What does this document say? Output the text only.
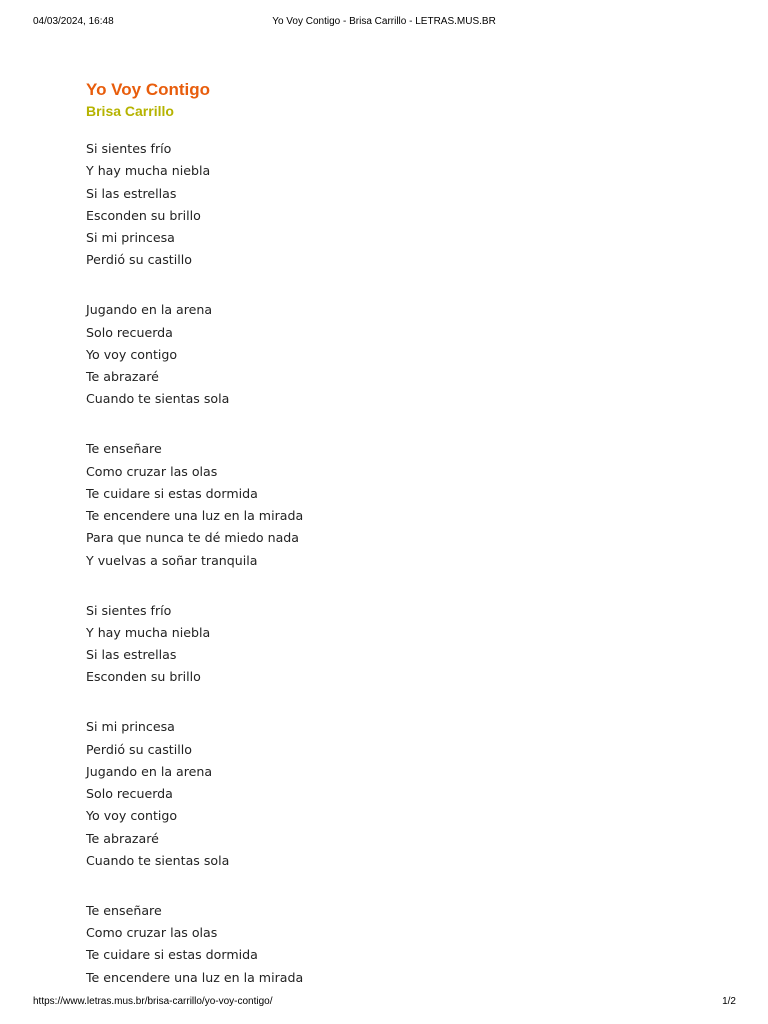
04/03/2024, 16:48	Yo Voy Contigo - Brisa Carrillo - LETRAS.MUS.BR
Yo Voy Contigo
Brisa Carrillo

Si sientes frío
Y hay mucha niebla
Si las estrellas
Esconden su brillo
Si mi princesa
Perdió su castillo

Jugando en la arena
Solo recuerda
Yo voy contigo
Te abrazaré
Cuando te sientas sola

Te enseñare
Como cruzar las olas
Te cuidare si estas dormida
Te encendere una luz en la mirada
Para que nunca te dé miedo nada
Y vuelvas a soñar tranquila

Si sientes frío
Y hay mucha niebla
Si las estrellas
Esconden su brillo

Si mi princesa
Perdió su castillo
Jugando en la arena
Solo recuerda
Yo voy contigo
Te abrazaré
Cuando te sientas sola

Te enseñare
Como cruzar las olas
Te cuidare si estas dormida
Te encendere una luz en la mirada

https://www.letras.mus.br/brisa-carrillo/yo-voy-contigo/	1/2
